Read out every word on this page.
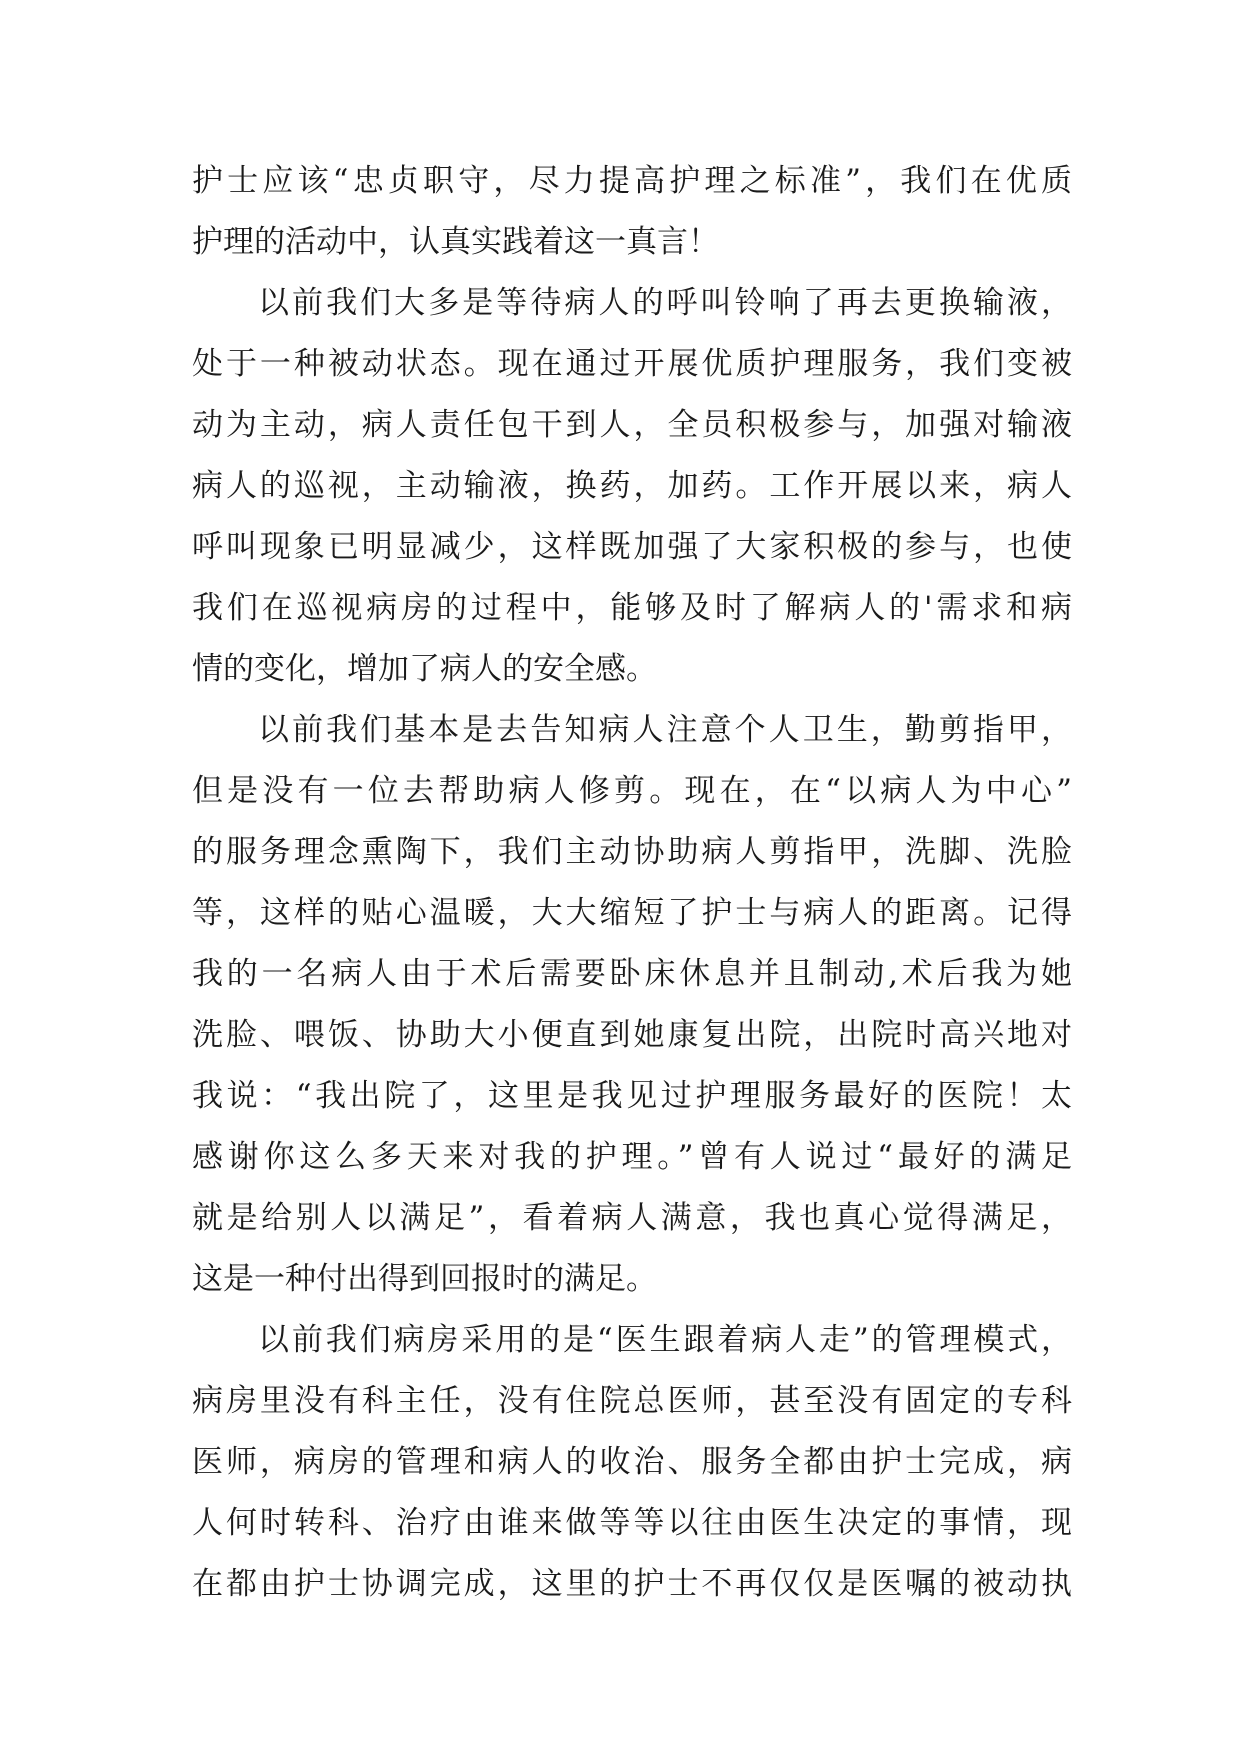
护士应该“忠贞职守，尽力提高护理之标准”，我们在优质
护理的活动中，认真实践着这一真言！
以前我们大多是等待病人的呼叫铃响了再去更换输液，
处于一种被动状态。现在通过开展优质护理服务，我们变被
动为主动，病人责任包干到人，全员积极参与，加强对输液
病人的巡视，主动输液，换药，加药。工作开展以来，病人
呼叫现象已明显减少，这样既加强了大家积极的参与，也使
我们在巡视病房的过程中，能够及时了解病人的'需求和病
情的变化，增加了病人的安全感。
以前我们基本是去告知病人注意个人卫生，勤剪指甲，
但是没有一位去帮助病人修剪。现在，在“以病人为中心”
的服务理念熏陶下，我们主动协助病人剪指甲，洗脚、洗脸
等，这样的贴心温暖，大大缩短了护士与病人的距离。记得
我的一名病人由于术后需要卧床休息并且制动,术后我为她
洗脸、喂饭、协助大小便直到她康复出院，出院时高兴地对
我说：“我出院了，这里是我见过护理服务最好的医院！太
感谢你这么多天来对我的护理。”曾有人说过“最好的满足
就是给别人以满足”，看着病人满意，我也真心觉得满足，
这是一种付出得到回报时的满足。
以前我们病房采用的是“医生跟着病人走”的管理模式，
病房里没有科主任，没有住院总医师，甚至没有固定的专科
医师，病房的管理和病人的收治、服务全都由护士完成，病
人何时转科、治疗由谁来做等等以往由医生决定的事情，现
在都由护士协调完成，这里的护士不再仅仅是医嘱的被动执
